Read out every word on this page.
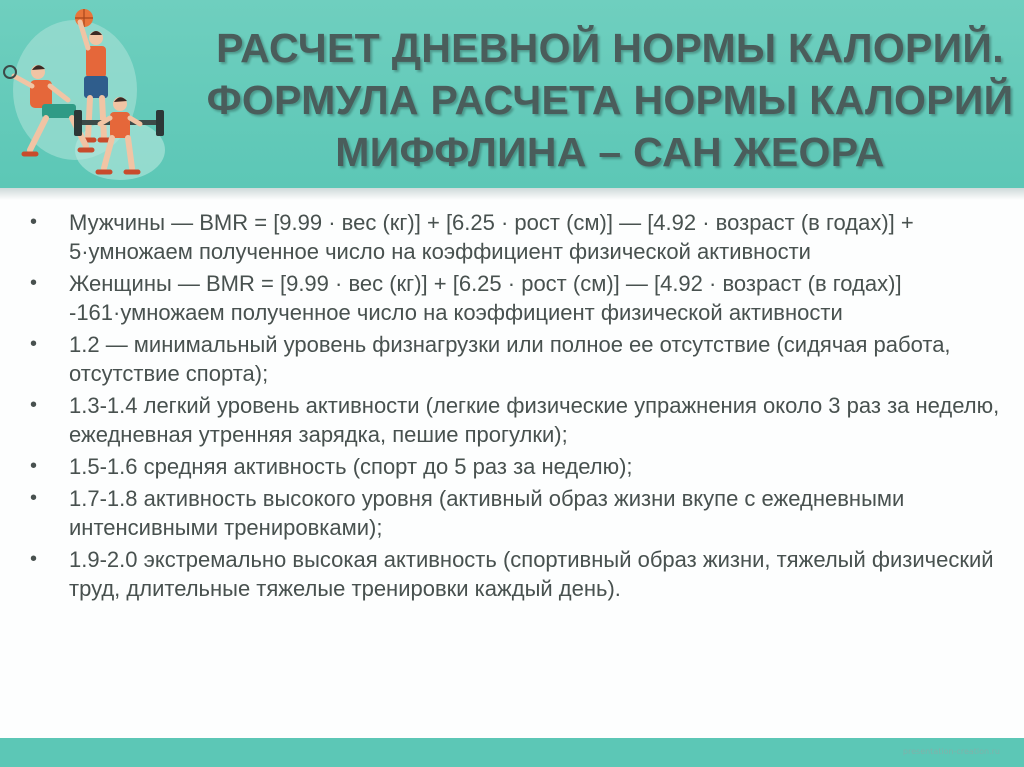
РАСЧЕТ ДНЕВНОЙ НОРМЫ КАЛОРИЙ.
ФОРМУЛА РАСЧЕТА НОРМЫ КАЛОРИЙ
МИФФЛИНА – САН ЖЕОРА
• Мужчины — BMR = [9.99 · вес (кг)] + [6.25 · рост (см)] — [4.92 · возраст (в годах)] + 5·умножаем полученное число на коэффициент физической активности
• Женщины — BMR = [9.99 · вес (кг)] + [6.25 · рост (см)] — [4.92 · возраст (в годах)] -161·умножаем полученное число на коэффициент физической активности
• 1.2 — минимальный уровень физнагрузки или полное ее отсутствие (сидячая работа, отсутствие спорта);
• 1.3-1.4 легкий уровень активности (легкие физические упражнения около 3 раз за неделю, ежедневная утренняя зарядка, пешие прогулки);
• 1.5-1.6 средняя активность (спорт до 5 раз за неделю);
• 1.7-1.8 активность высокого уровня (активный образ жизни вкупе с ежедневными интенсивными тренировками);
• 1.9-2.0 экстремально высокая активность (спортивный образ жизни, тяжелый физический труд, длительные тяжелые тренировки каждый день).
presentation-creation.ru
